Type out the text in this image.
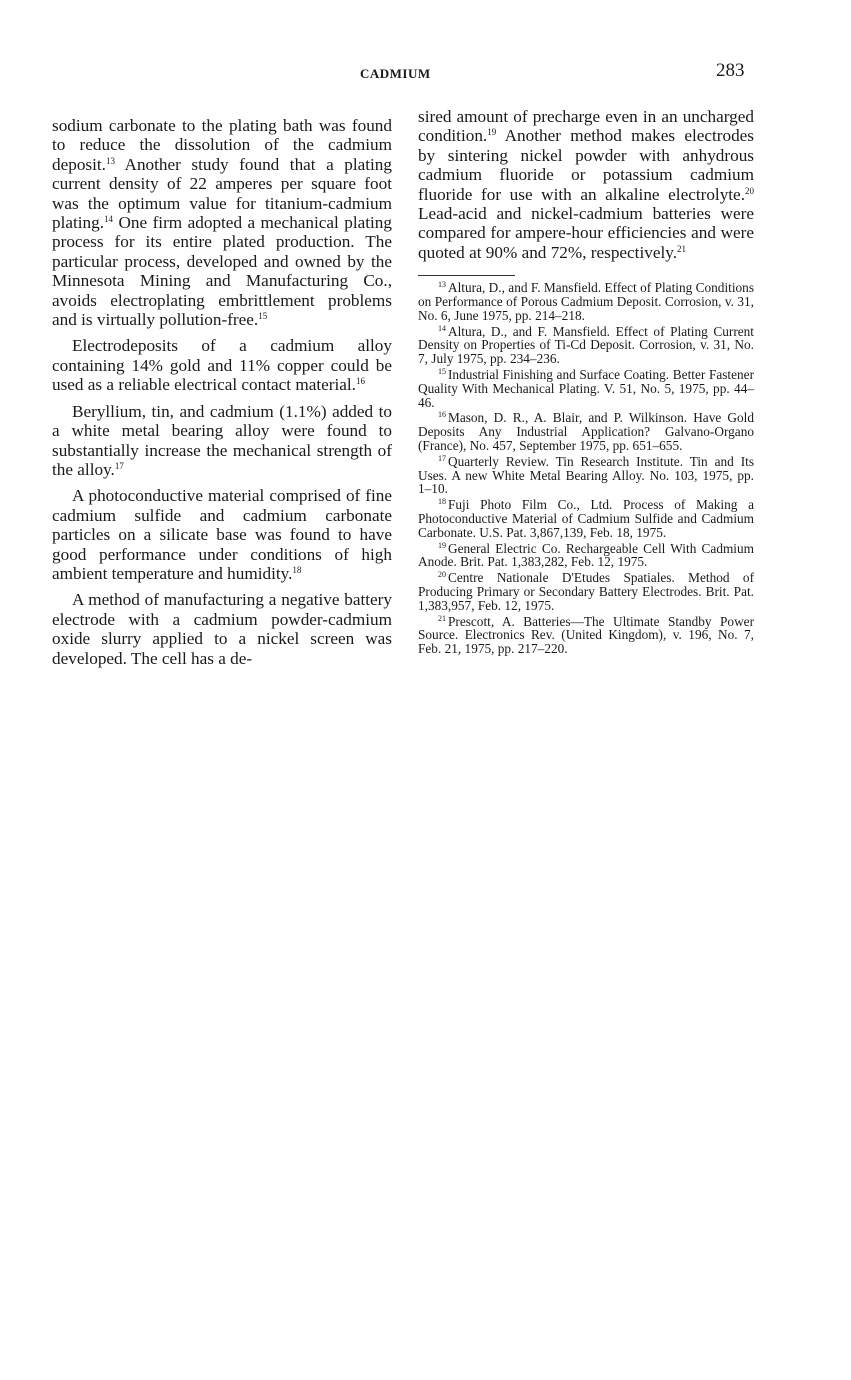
CADMIUM	283

sodium carbonate to the plating bath was found to reduce the dissolution of the cadmium deposit.$^{13}$ Another study found that a plating current density of 22 amperes per square foot was the optimum value for titanium-cadmium plating.$^{14}$ One firm adopted a mechanical plating process for its entire plated production. The particular process, developed and owned by the Minnesota Mining and Manufacturing Co., avoids electroplating embrittlement problems and is virtually pollution-free.$^{15}$

Electrodeposits of a cadmium alloy containing 14% gold and 11% copper could be used as a reliable electrical contact material.$^{16}$

Beryllium, tin, and cadmium (1.1%) added to a white metal bearing alloy were found to substantially increase the mechanical strength of the alloy.$^{17}$

A photoconductive material comprised of fine cadmium sulfide and cadmium carbonate particles on a silicate base was found to have good performance under conditions of high ambient temperature and humidity.$^{18}$

A method of manufacturing a negative battery electrode with a cadmium powder-cadmium oxide slurry applied to a nickel screen was developed. The cell has a de-

sired amount of precharge even in an uncharged condition.$^{19}$ Another method makes electrodes by sintering nickel powder with anhydrous cadmium fluoride or potassium cadmium fluoride for use with an alkaline electrolyte.$^{20}$ Lead-acid and nickel-cadmium batteries were compared for ampere-hour efficiencies and were quoted at 90% and 72%, respectively.$^{21}$

$^{13}$ Altura, D., and F. Mansfield. Effect of Plating Conditions on Performance of Porous Cadmium Deposit. Corrosion, v. 31, No. 6, June 1975, pp. 214–218.

$^{14}$ Altura, D., and F. Mansfield. Effect of Plating Current Density on Properties of Ti-Cd Deposit. Corrosion, v. 31, No. 7, July 1975, pp. 234–236.

$^{15}$ Industrial Finishing and Surface Coating. Better Fastener Quality With Mechanical Plating. V. 51, No. 5, 1975, pp. 44–46.

$^{16}$ Mason, D. R., A. Blair, and P. Wilkinson. Have Gold Deposits Any Industrial Application? Galvano-Organo (France), No. 457, September 1975, pp. 651–655.

$^{17}$ Quarterly Review. Tin Research Institute. Tin and Its Uses. A new White Metal Bearing Alloy. No. 103, 1975, pp. 1–10.

$^{18}$ Fuji Photo Film Co., Ltd. Process of Making a Photoconductive Material of Cadmium Sulfide and Cadmium Carbonate. U.S. Pat. 3,867,139, Feb. 18, 1975.

$^{19}$ General Electric Co. Rechargeable Cell With Cadmium Anode. Brit. Pat. 1,383,282, Feb. 12, 1975.

$^{20}$ Centre Nationale D'Etudes Spatiales. Method of Producing Primary or Secondary Battery Electrodes. Brit. Pat. 1,383,957, Feb. 12, 1975.

$^{21}$ Prescott, A. Batteries—The Ultimate Standby Power Source. Electronics Rev. (United Kingdom), v. 196, No. 7, Feb. 21, 1975, pp. 217–220.
